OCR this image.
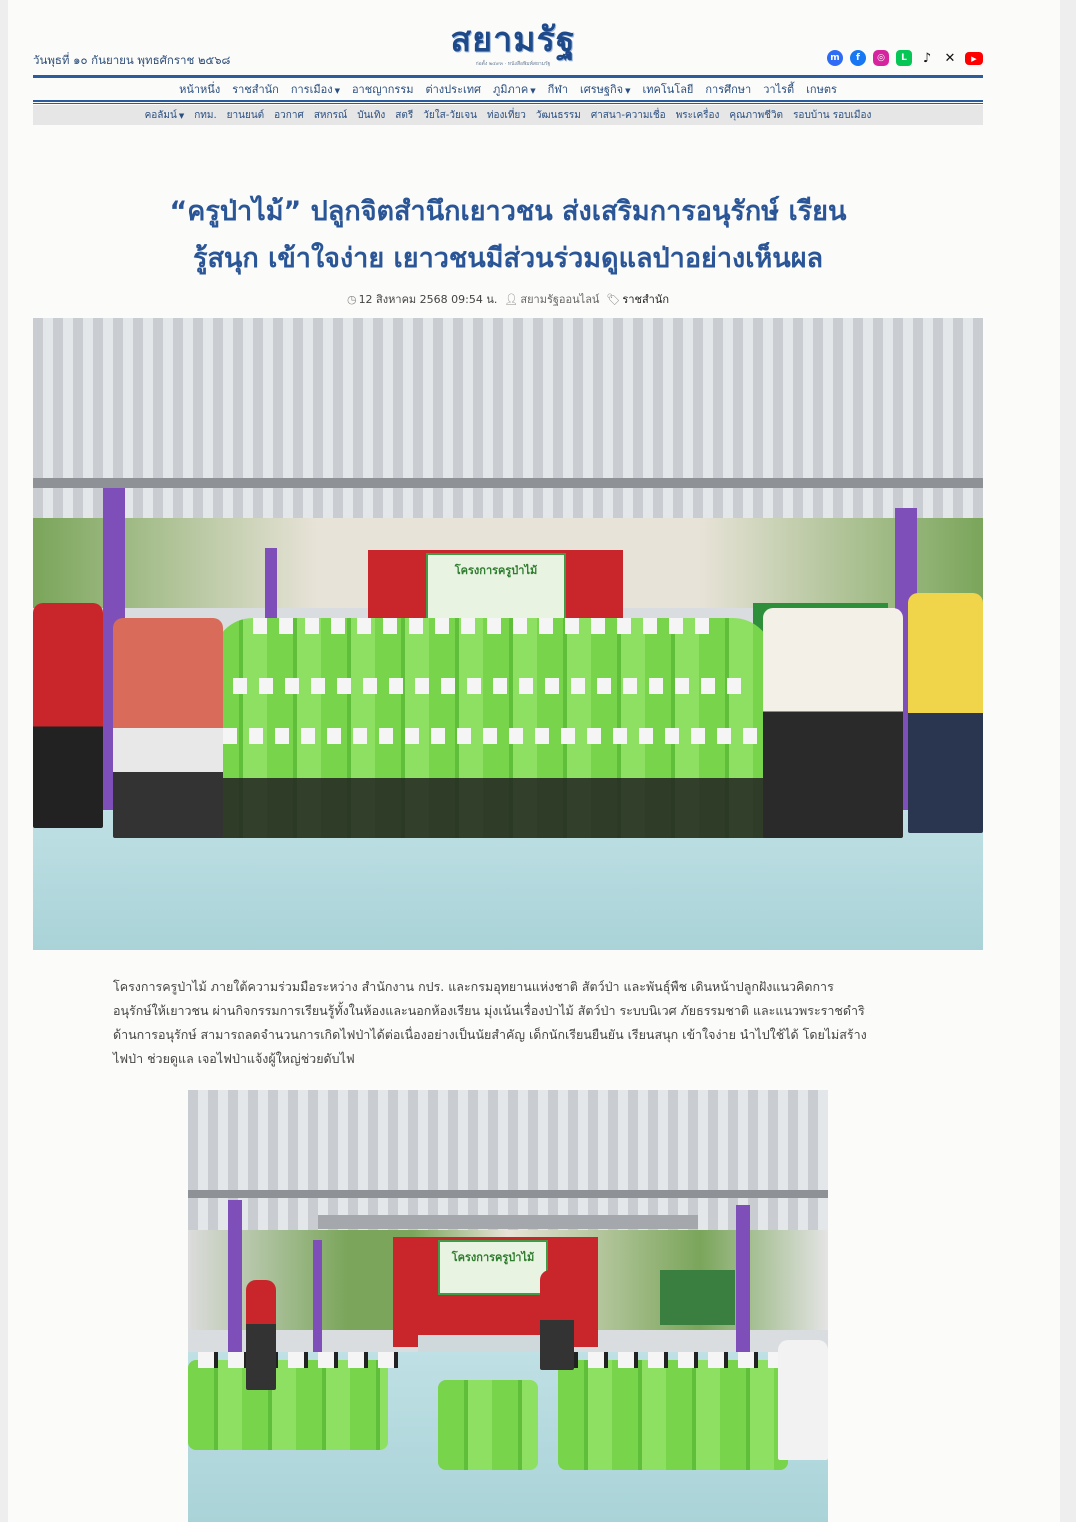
วันพุธที่ ๑๐ กันยายน พุทธศักราช ๒๕๖๘	สยามรัฐ
ก่อตั้ง ๒๔๙๓ · หนังสือพิมพ์สยามรัฐ
m	f	◎	L	♪ ✕	▶
หน้าหนึ่ง ราชสำนัก การเมือง ▼ อาชญากรรม ต่างประเทศ ภูมิภาค ▼ กีฬา เศรษฐกิจ ▼ เทคโนโลยี การศึกษา วาไรตี้ เกษตร
คอลัมน์ ▼ กทม. ยานยนต์ อวกาศ สหกรณ์ บันเทิง สตรี วัยใส-วัยเจน ท่องเที่ยว วัฒนธรรม ศาสนา-ความเชื่อ พระเครื่อง คุณภาพชีวิต รอบบ้าน รอบเมือง
“ครูป่าไม้” ปลูกจิตสำนึกเยาวชน ส่งเสริมการอนุรักษ์ เรียน
รู้สนุก เข้าใจง่าย เยาวชนมีส่วนร่วมดูแลป่าอย่างเห็นผล
◷ 12 สิงหาคม 2568 09:54 น. 👤︎ สยามรัฐออนไลน์ 🏷︎ ราชสำนัก
โครงการครูป่าไม้
โครงการครูป่าไม้ ภายใต้ความร่วมมือระหว่าง สำนักงาน กปร. และกรมอุทยานแห่งชาติ สัตว์ป่า และพันธุ์พืช เดินหน้าปลูกฝังแนวคิดการ
อนุรักษ์ให้เยาวชน ผ่านกิจกรรมการเรียนรู้ทั้งในห้องและนอกห้องเรียน มุ่งเน้นเรื่องป่าไม้ สัตว์ป่า ระบบนิเวศ ภัยธรรมชาติ และแนวพระราชดำริ
ด้านการอนุรักษ์ สามารถลดจำนวนการเกิดไฟป่าได้ต่อเนื่องอย่างเป็นนัยสำคัญ เด็กนักเรียนยืนยัน เรียนสนุก เข้าใจง่าย นำไปใช้ได้ โดยไม่สร้าง
ไฟป่า ช่วยดูแล เจอไฟป่าแจ้งผู้ใหญ่ช่วยดับไฟ
โครงการครูป่าไม้
